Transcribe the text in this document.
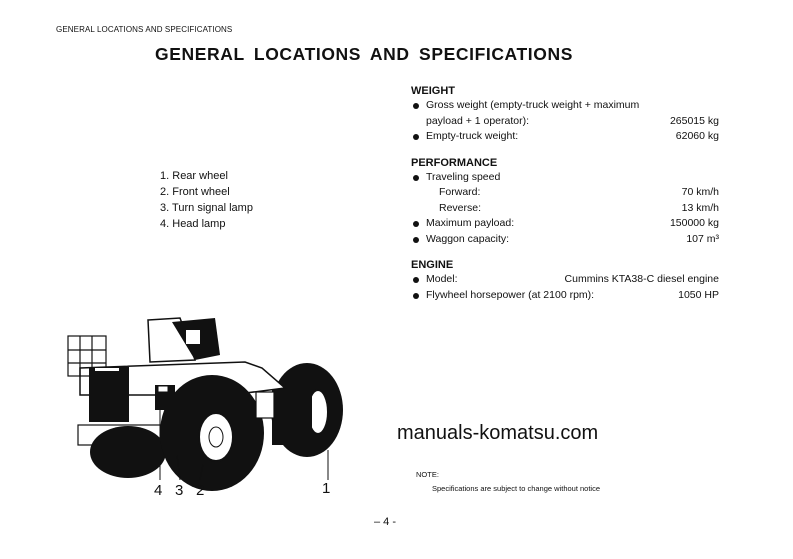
GENERAL LOCATIONS AND SPECIFICATIONS
GENERAL LOCATIONS AND SPECIFICATIONS
1. Rear wheel
2. Front wheel
3. Turn signal lamp
4. Head lamp
WEIGHT
Gross weight (empty-truck weight + maximum
payload + 1 operator):	265015 kg
Empty-truck weight:	62060 kg
PERFORMANCE
Traveling speed
Forward:	70 km/h
Reverse:	13 km/h
Maximum payload:	150000 kg
Waggon capacity:	107 m³
ENGINE
Model:	Cummins KTA38-C diesel engine
Flywheel horsepower (at 2100 rpm):	1050 HP
4 3 2	1
manuals-komatsu.com
NOTE:
Specifications are subject to change without notice
– 4 -
